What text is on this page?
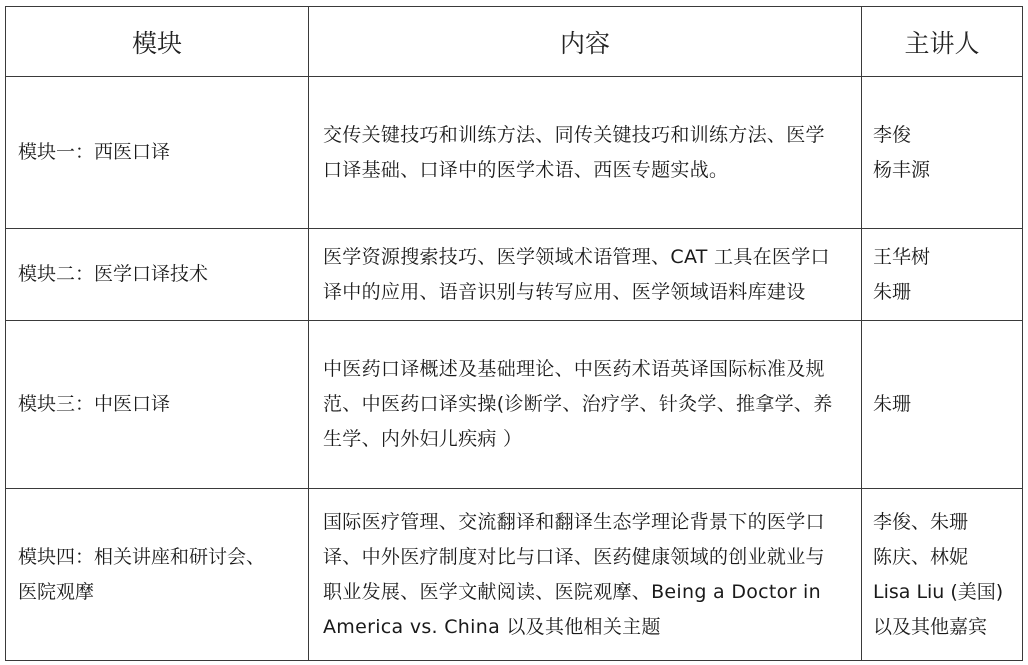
模块	内容	主讲人

模块一：西医口译	交传关键技巧和训练方法、同传关键技巧和训练方法、医学
口译基础、口译中的医学术语、西医专题实战。	李俊
杨丰源

模块二：医学口译技术	医学资源搜索技巧、医学领域术语管理、CAT 工具在医学口
译中的应用、语音识别与转写应用、医学领域语料库建设	王华树
朱珊

模块三：中医口译	中医药口译概述及基础理论、中医药术语英译国际标准及规
范、中医药口译实操(诊断学、治疗学、针灸学、推拿学、养
生学、内外妇儿疾病 ）	朱珊

模块四：相关讲座和研讨会、
医院观摩	国际医疗管理、交流翻译和翻译生态学理论背景下的医学口
译、中外医疗制度对比与口译、医药健康领域的创业就业与
职业发展、医学文献阅读、医院观摩、Being a Doctor in
America vs. China 以及其他相关主题	李俊、朱珊
陈庆、林妮
Lisa Liu (美国)
以及其他嘉宾
